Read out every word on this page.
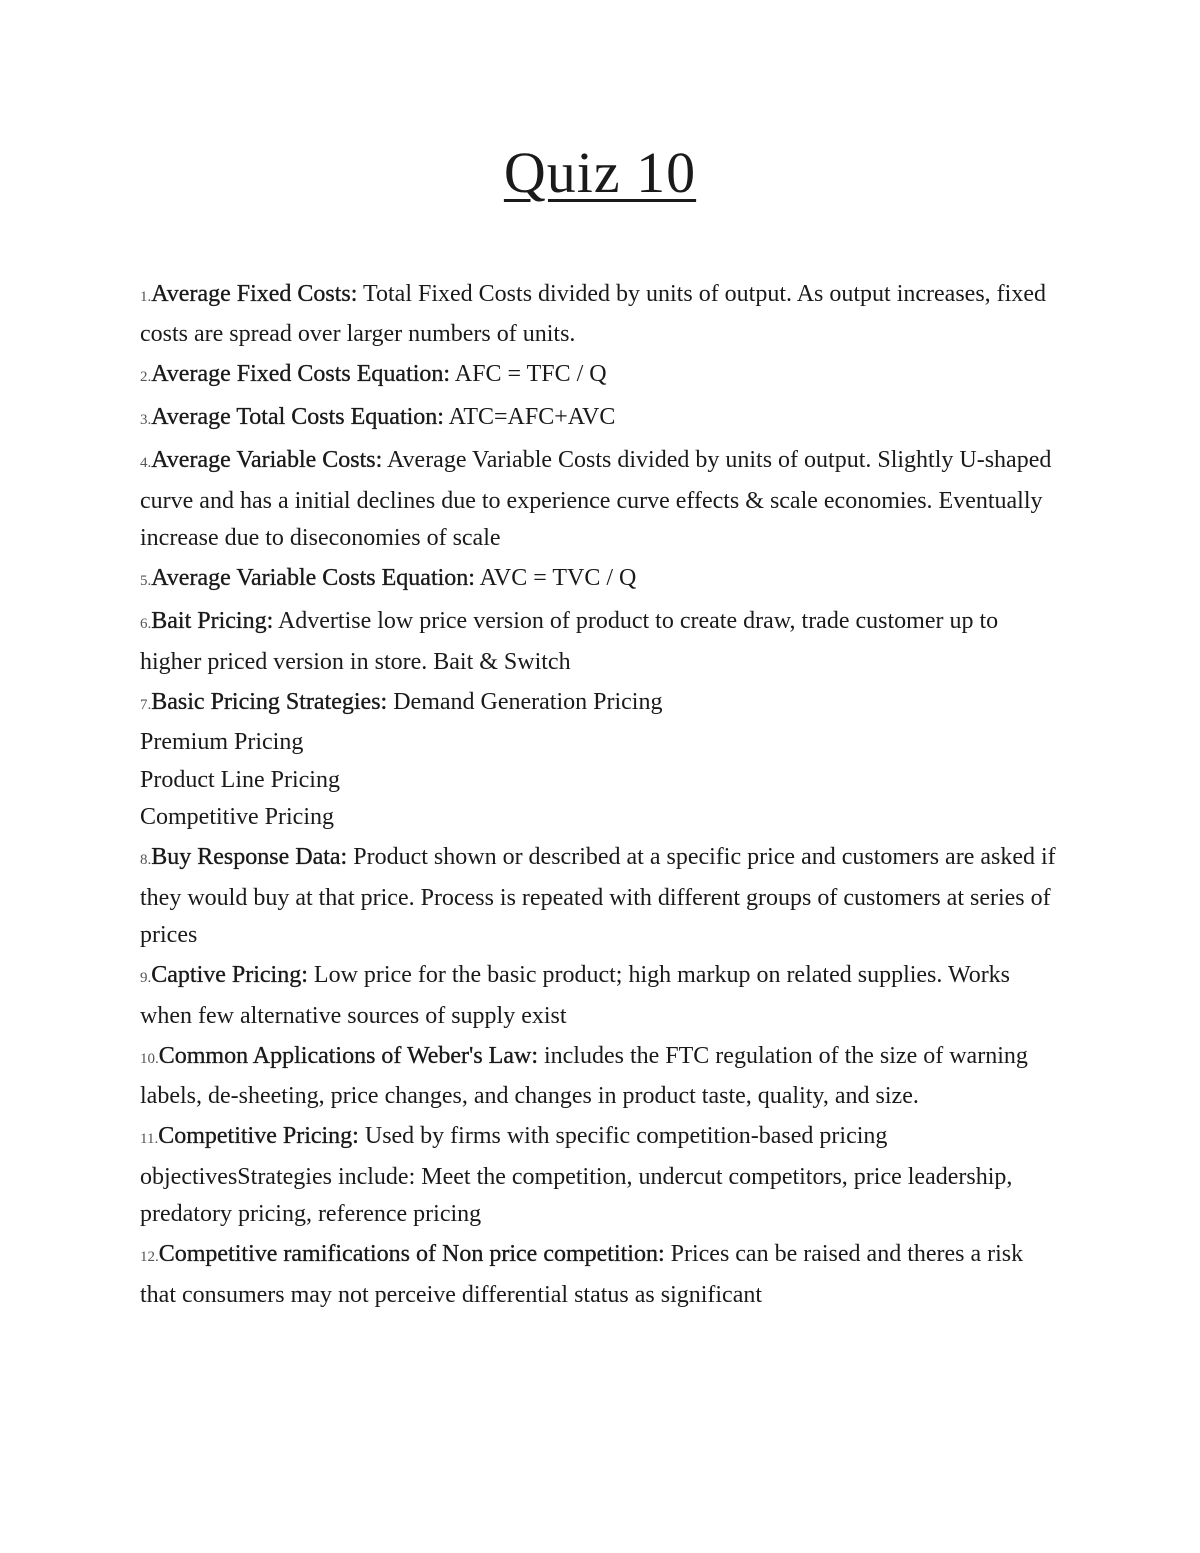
Quiz 10

1.Average Fixed Costs: Total Fixed Costs divided by units of output. As output increases, fixed costs are spread over larger numbers of units.

2.Average Fixed Costs Equation: AFC = TFC / Q

3.Average Total Costs Equation: ATC=AFC+AVC

4.Average Variable Costs: Average Variable Costs divided by units of output. Slightly U-shaped curve and has a initial declines due to experience curve effects & scale economies. Eventually increase due to diseconomies of scale

5.Average Variable Costs Equation: AVC = TVC / Q

6.Bait Pricing: Advertise low price version of product to create draw, trade customer up to higher priced version in store. Bait & Switch

7.Basic Pricing Strategies: Demand Generation Pricing
Premium Pricing
Product Line Pricing
Competitive Pricing

8.Buy Response Data: Product shown or described at a specific price and customers are asked if they would buy at that price. Process is repeated with different groups of customers at series of prices

9.Captive Pricing: Low price for the basic product; high markup on related supplies. Works when few alternative sources of supply exist

10.Common Applications of Weber's Law: includes the FTC regulation of the size of warning labels, de-sheeting, price changes, and changes in product taste, quality, and size.

11.Competitive Pricing: Used by firms with specific competition-based pricing objectivesStrategies include: Meet the competition, undercut competitors, price leadership, predatory pricing, reference pricing

12.Competitive ramifications of Non price competition: Prices can be raised and theres a risk that consumers may not perceive differential status as significant
